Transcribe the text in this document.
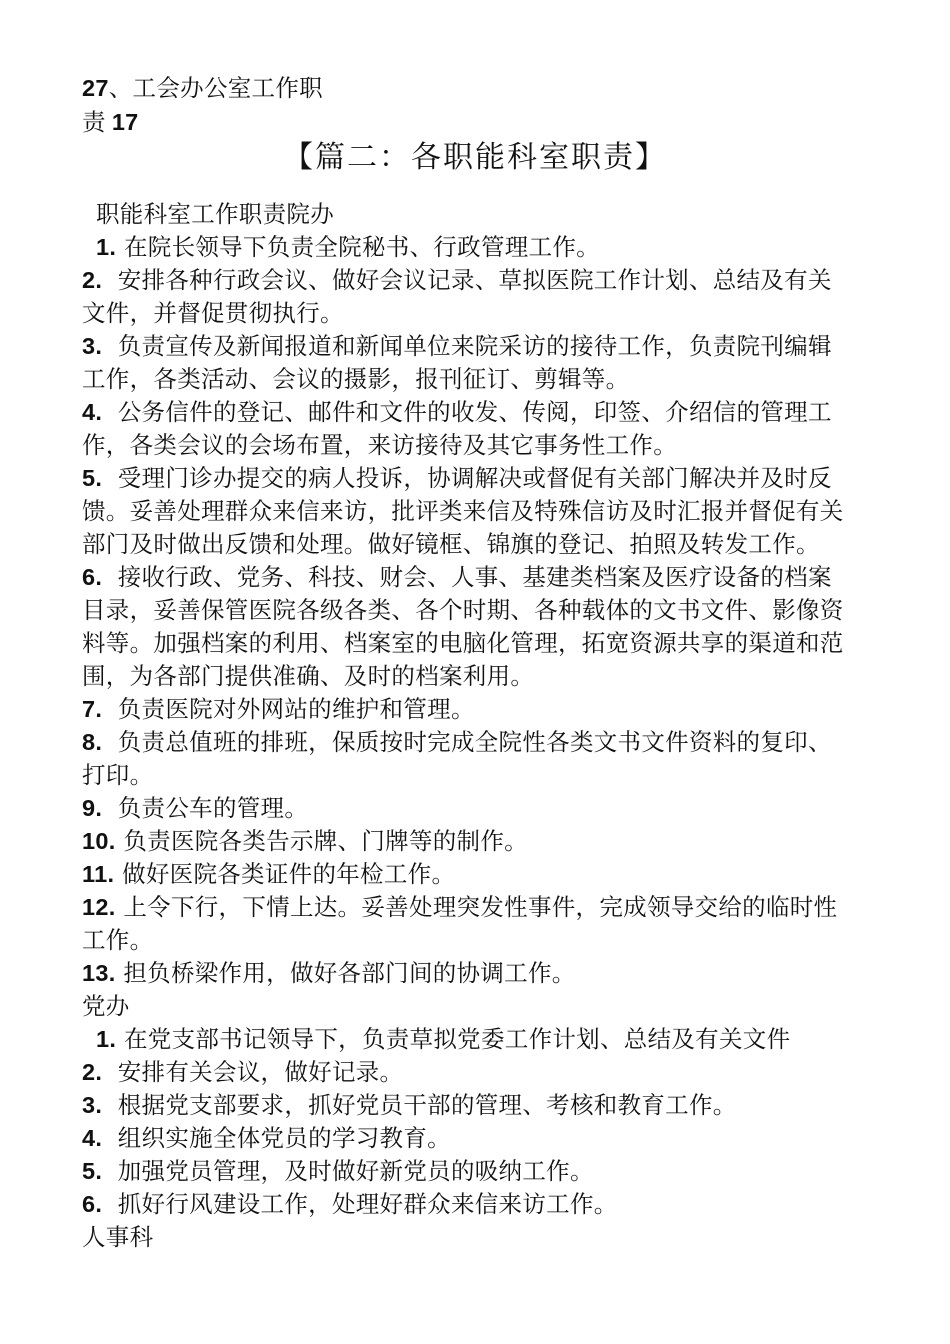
27、工会办公室工作职
责 17
【篇二：各职能科室职责】
职能科室工作职责院办
1. 在院长领导下负责全院秘书、行政管理工作。
2. 安排各种行政会议、做好会议记录、草拟医院工作计划、总结及有关
文件，并督促贯彻执行。
3. 负责宣传及新闻报道和新闻单位来院采访的接待工作，负责院刊编辑
工作，各类活动、会议的摄影，报刊征订、剪辑等。
4. 公务信件的登记、邮件和文件的收发、传阅，印签、介绍信的管理工
作，各类会议的会场布置，来访接待及其它事务性工作。
5. 受理门诊办提交的病人投诉，协调解决或督促有关部门解决并及时反
馈。妥善处理群众来信来访，批评类来信及特殊信访及时汇报并督促有关
部门及时做出反馈和处理。做好镜框、锦旗的登记、拍照及转发工作。
6. 接收行政、党务、科技、财会、人事、基建类档案及医疗设备的档案
目录，妥善保管医院各级各类、各个时期、各种载体的文书文件、影像资
料等。加强档案的利用、档案室的电脑化管理，拓宽资源共享的渠道和范
围，为各部门提供准确、及时的档案利用。
7. 负责医院对外网站的维护和管理。
8. 负责总值班的排班，保质按时完成全院性各类文书文件资料的复印、
打印。
9. 负责公车的管理。
10. 负责医院各类告示牌、门牌等的制作。
11. 做好医院各类证件的年检工作。
12. 上令下行，下情上达。妥善处理突发性事件，完成领导交给的临时性
工作。
13. 担负桥梁作用，做好各部门间的协调工作。
党办
1. 在党支部书记领导下，负责草拟党委工作计划、总结及有关文件
2. 安排有关会议，做好记录。
3. 根据党支部要求，抓好党员干部的管理、考核和教育工作。
4. 组织实施全体党员的学习教育。
5. 加强党员管理，及时做好新党员的吸纳工作。
6. 抓好行风建设工作，处理好群众来信来访工作。
人事科
